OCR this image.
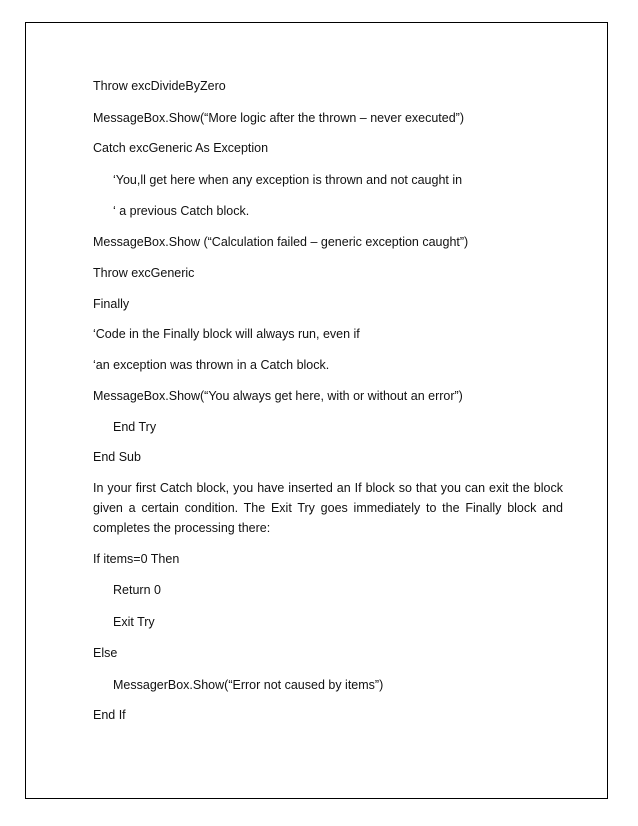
Throw excDivideByZero

MessageBox.Show(“More logic after the thrown – never executed”)

Catch excGeneric As Exception

‘You,ll get here when any exception is thrown and not caught in

‘ a previous Catch block.

MessageBox.Show (“Calculation failed – generic exception caught”)

Throw excGeneric

Finally

‘Code in the Finally block will always run, even if

‘an exception was thrown in a Catch block.

MessageBox.Show(“You always get here, with or without an error”)

End Try

End Sub

In your first Catch block, you have inserted an If block so that you can exit the block given a certain condition. The Exit Try goes immediately to the Finally block and completes the processing there:

If items=0 Then

Return 0

Exit Try

Else

MessagerBox.Show(“Error not caused by items”)

End If
